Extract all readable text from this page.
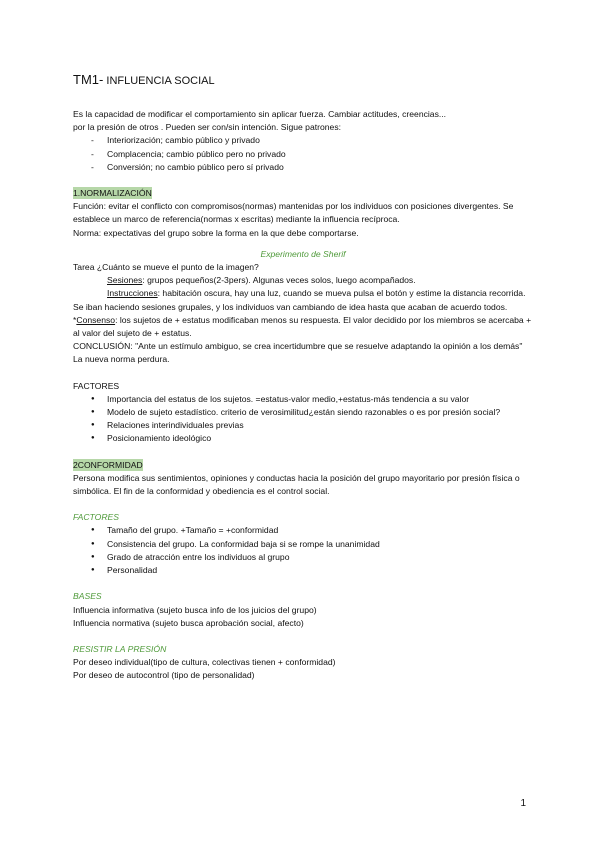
TM1- INFLUENCIA SOCIAL

Es la capacidad de modificar el comportamiento sin aplicar fuerza. Cambiar actitudes, creencias...

por la presión de otros . Pueden ser con/sin intención. Sigue patrones:

- Interiorización; cambio público y privado
- Complacencia; cambio público pero no privado
- Conversión; no cambio público pero sí privado
1.NORMALIZACIÓN

Función: evitar el conflicto con compromisos(normas) mantenidas por los individuos con posiciones divergentes. Se establece un marco de referencia(normas x escritas) mediante la influencia recíproca.

Norma: expectativas del grupo sobre la forma en la que debe comportarse.

Experimento de Sherif

Tarea ¿Cuánto se mueve el punto de la imagen?

Sesiones: grupos pequeños(2-3pers). Algunas veces solos, luego acompañados.

Instrucciones: habitación oscura, hay una luz, cuando se mueva pulsa el botón y estime la distancia recorrida.

Se iban haciendo sesiones grupales, y los individuos van cambiando de idea hasta que acaban de acuerdo todos.

*Consenso: los sujetos de + estatus modificaban menos su respuesta. El valor decidido por los miembros se acercaba + al valor del sujeto de + estatus.

CONCLUSIÓN: "Ante un estímulo ambiguo, se crea incertidumbre que se resuelve adaptando la opinión a los demás" La nueva norma perdura.

FACTORES

● Importancia del estatus de los sujetos. =estatus-valor medio,+estatus-más tendencia a su valor
● Modelo de sujeto estadístico. criterio de verosimilitud¿están siendo razonables o es por presión social?
● Relaciones interindividuales previas
● Posicionamiento ideológico
2CONFORMIDAD

Persona modifica sus sentimientos, opiniones y conductas hacia la posición del grupo mayoritario por presión física o simbólica. El fin de la conformidad y obediencia es el control social.

FACTORES

● Tamaño del grupo. +Tamaño = +conformidad
● Consistencia del grupo. La conformidad baja si se rompe la unanimidad
● Grado de atracción entre los individuos al grupo
● Personalidad

BASES

Influencia informativa (sujeto busca info de los juicios del grupo)

Influencia normativa (sujeto busca aprobación social, afecto)

RESISTIR LA PRESIÓN

Por deseo individual(tipo de cultura, colectivas tienen + conformidad)

Por deseo de autocontrol (tipo de personalidad)

1
